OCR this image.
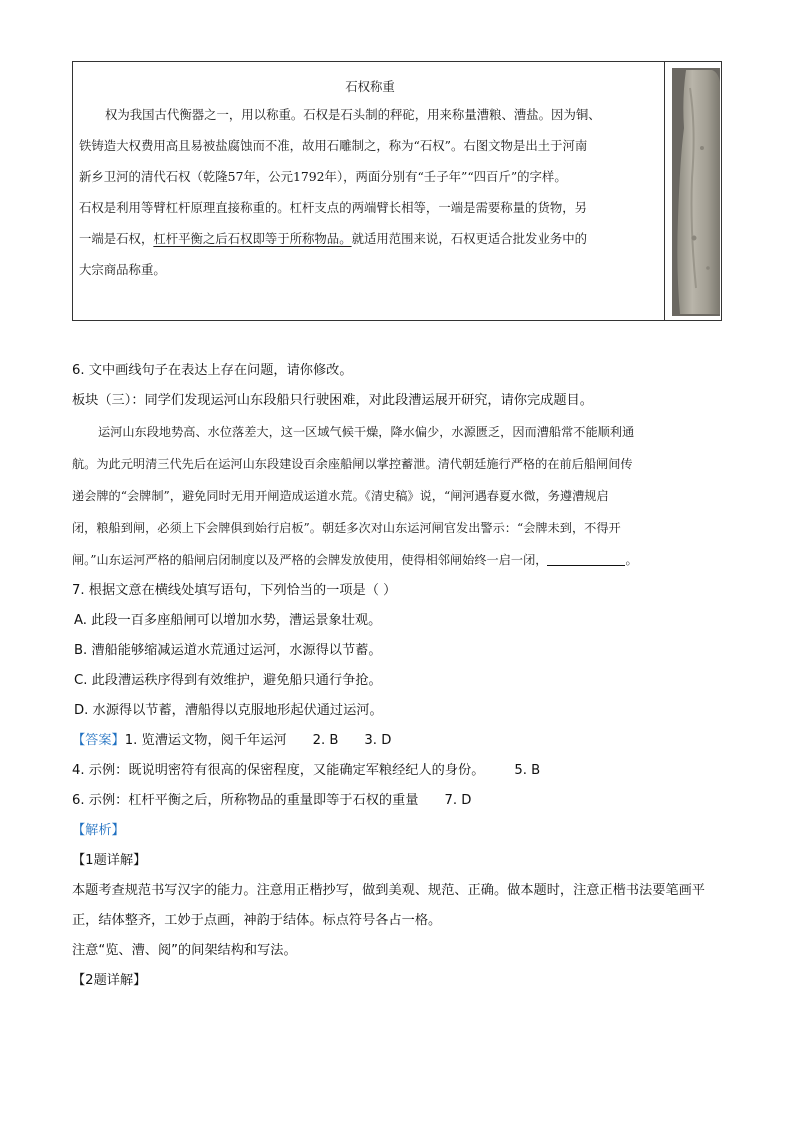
石权称重
权为我国古代衡器之一，用以称重。石权是石头制的秤砣，用来称量漕粮、漕盐。因为铜、
铁铸造大权费用高且易被盐腐蚀而不准，故用石雕制之，称为“石权”。右图文物是出土于河南
新乡卫河的清代石权（乾隆57年，公元1792年），两面分别有“壬子年”“四百斤”的字样。
石权是利用等臂杠杆原理直接称重的。杠杆支点的两端臂长相等，一端是需要称量的货物，另
一端是石权，杠杆平衡之后石权即等于所称物品。就适用范围来说，石权更适合批发业务中的
大宗商品称重。
6. 文中画线句子在表达上存在问题，请你修改。
板块（三）：同学们发现运河山东段船只行驶困难，对此段漕运展开研究，请你完成题目。
运河山东段地势高、水位落差大，这一区域气候干燥，降水偏少，水源匮乏，因而漕船常不能顺利通
航。为此元明清三代先后在运河山东段建设百余座船闸以掌控蓄泄。清代朝廷施行严格的在前后船闸间传
递会牌的“会牌制”，避免同时无用开闸造成运道水荒。《清史稿》说，“闸河遇春夏水微，务遵漕规启
闭，粮船到闸，必须上下会牌俱到始行启板”。朝廷多次对山东运河闸官发出警示：“会牌未到，不得开
闸。”山东运河严格的船闸启闭制度以及严格的会牌发放使用，使得相邻闸始终一启一闭，	。
7. 根据文意在横线处填写语句，下列恰当的一项是（ ）
A. 此段一百多座船闸可以增加水势，漕运景象壮观。
B. 漕船能够缩减运道水荒通过运河，水源得以节蓄。
C. 此段漕运秩序得到有效维护，避免船只通行争抢。
D. 水源得以节蓄，漕船得以克服地形起伏通过运河。
【答案】1. 览漕运文物，阅千年运河 2. B 3. D
4. 示例：既说明密符有很高的保密程度，又能确定军粮经纪人的身份。 5. B
6. 示例：杠杆平衡之后，所称物品的重量即等于石权的重量 7. D
【解析】
【1题详解】
本题考查规范书写汉字的能力。注意用正楷抄写，做到美观、规范、正确。做本题时，注意正楷书法要笔画平正，结体整齐，工妙于点画，神韵于结体。标点符号各占一格。
注意“览、漕、阅”的间架结构和写法。
【2题详解】
